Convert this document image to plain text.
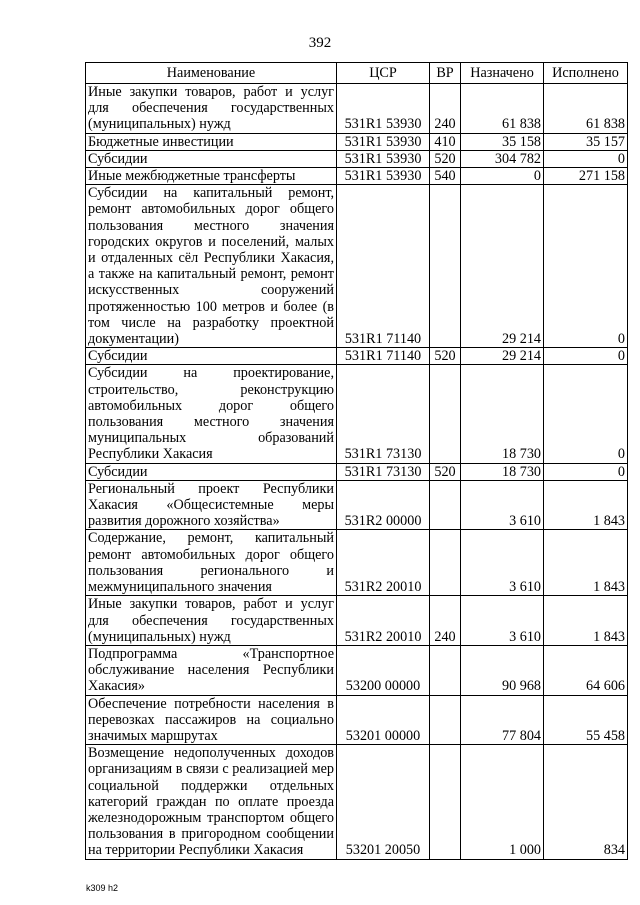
392
Наименование	ЦСР	ВР	Назначено	Исполнено
Иные закупки товаров, работ и услуг для обеспечения государственных (муниципальных) нужд	531R1 53930	240	61 838	61 838
Бюджетные инвестиции	531R1 53930	410	35 158	35 157
Субсидии	531R1 53930	520	304 782	0
Иные межбюджетные трансферты	531R1 53930	540	0	271 158
Субсидии на капитальный ремонт, ремонт автомобильных дорог общего пользования местного значения городских округов и поселений, малых и отдаленных сёл Республики Хакасия, а также на капитальный ремонт, ремонт искусственных сооружений протяженностью 100 метров и более (в том числе на разработку проектной документации)	531R1 71140		29 214	0
Субсидии	531R1 71140	520	29 214	0
Субсидии на проектирование, строительство, реконструкцию автомобильных дорог общего пользования местного значения муниципальных образований Республики Хакасия	531R1 73130		18 730	0
Субсидии	531R1 73130	520	18 730	0
Региональный проект Республики Хакасия «Общесистемные меры развития дорожного хозяйства»	531R2 00000		3 610	1 843
Содержание, ремонт, капитальный ремонт автомобильных дорог общего пользования регионального и межмуниципального значения	531R2 20010		3 610	1 843
Иные закупки товаров, работ и услуг для обеспечения государственных (муниципальных) нужд	531R2 20010	240	3 610	1 843
Подпрограмма «Транспортное обслуживание населения Республики Хакасия»	53200 00000		90 968	64 606
Обеспечение потребности населения в перевозках пассажиров на социально значимых маршрутах	53201 00000		77 804	55 458
Возмещение недополученных доходов организациям в связи с реализацией мер социальной поддержки отдельных категорий граждан по оплате проезда железнодорожным транспортом общего пользования в пригородном сообщении на территории Республики Хакасия	53201 20050		1 000	834
k309 h2
